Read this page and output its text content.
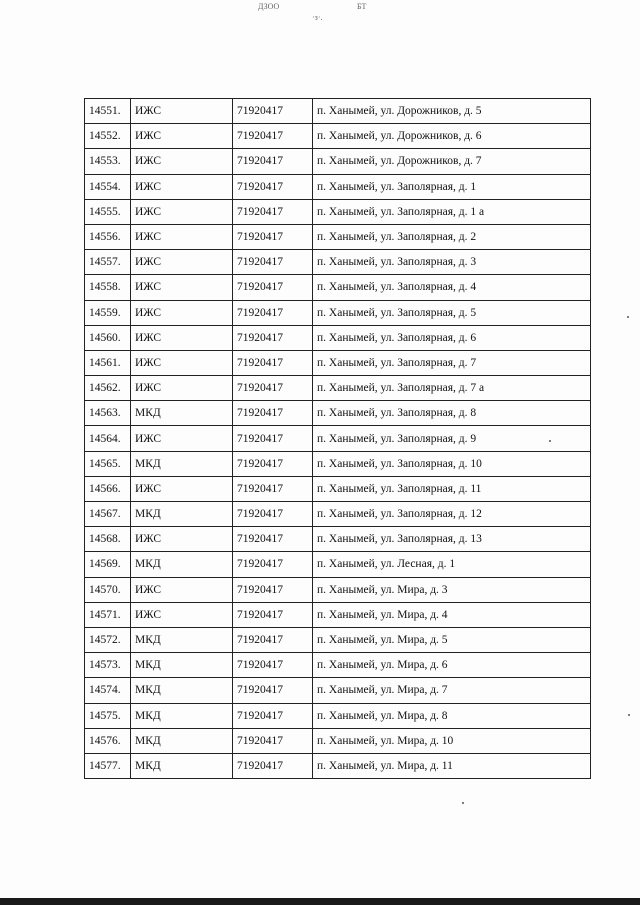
ДЗОО	БТ
·з·.
14551.	ИЖС	71920417	п. Ханымей, ул. Дорожников, д. 5
14552.	ИЖС	71920417	п. Ханымей, ул. Дорожников, д. 6
14553.	ИЖС	71920417	п. Ханымей, ул. Дорожников, д. 7
14554.	ИЖС	71920417	п. Ханымей, ул. Заполярная, д. 1
14555.	ИЖС	71920417	п. Ханымей, ул. Заполярная, д. 1 а
14556.	ИЖС	71920417	п. Ханымей, ул. Заполярная, д. 2
14557.	ИЖС	71920417	п. Ханымей, ул. Заполярная, д. 3
14558.	ИЖС	71920417	п. Ханымей, ул. Заполярная, д. 4
14559.	ИЖС	71920417	п. Ханымей, ул. Заполярная, д. 5
14560.	ИЖС	71920417	п. Ханымей, ул. Заполярная, д. 6
14561.	ИЖС	71920417	п. Ханымей, ул. Заполярная, д. 7
14562.	ИЖС	71920417	п. Ханымей, ул. Заполярная, д. 7 а
14563.	МКД	71920417	п. Ханымей, ул. Заполярная, д. 8
14564.	ИЖС	71920417	п. Ханымей, ул. Заполярная, д. 9
14565.	МКД	71920417	п. Ханымей, ул. Заполярная, д. 10
14566.	ИЖС	71920417	п. Ханымей, ул. Заполярная, д. 11
14567.	МКД	71920417	п. Ханымей, ул. Заполярная, д. 12
14568.	ИЖС	71920417	п. Ханымей, ул. Заполярная, д. 13
14569.	МКД	71920417	п. Ханымей, ул. Лесная, д. 1
14570.	ИЖС	71920417	п. Ханымей, ул. Мира, д. 3
14571.	ИЖС	71920417	п. Ханымей, ул. Мира, д. 4
14572.	МКД	71920417	п. Ханымей, ул. Мира, д. 5
14573.	МКД	71920417	п. Ханымей, ул. Мира, д. 6
14574.	МКД	71920417	п. Ханымей, ул. Мира, д. 7
14575.	МКД	71920417	п. Ханымей, ул. Мира, д. 8
14576.	МКД	71920417	п. Ханымей, ул. Мира, д. 10
14577.	МКД	71920417	п. Ханымей, ул. Мира, д. 11
